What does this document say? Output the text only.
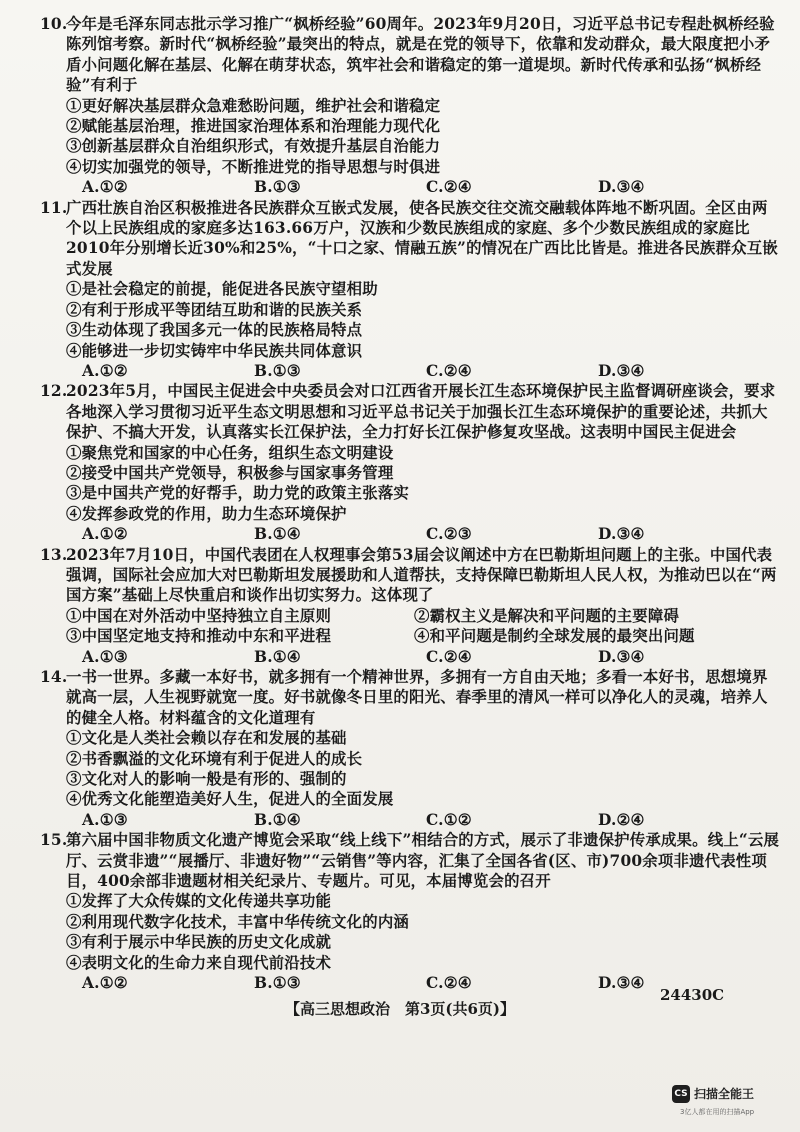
10.今年是毛泽东同志批示学习推广“枫桥经验”60周年。2023年9月20日，习近平总书记专程赴枫桥经验陈列馆考察。新时代“枫桥经验”最突出的特点，就是在党的领导下，依靠和发动群众，最大限度把小矛盾小问题化解在基层、化解在萌芽状态，筑牢社会和谐稳定的第一道堤坝。新时代传承和弘扬“枫桥经验”有利于

①更好解决基层群众急难愁盼问题，维护社会和谐稳定

②赋能基层治理，推进国家治理体系和治理能力现代化

③创新基层群众自治组织形式，有效提升基层自治能力

④切实加强党的领导，不断推进党的指导思想与时俱进

A.①②	B.①③	C.②④	D.③④

11.广西壮族自治区积极推进各民族群众互嵌式发展，使各民族交往交流交融载体阵地不断巩固。全区由两个以上民族组成的家庭多达163.66万户，汉族和少数民族组成的家庭、多个少数民族组成的家庭比2010年分别增长近30%和25%，“十口之家、情融五族”的情况在广西比比皆是。推进各民族群众互嵌式发展

①是社会稳定的前提，能促进各民族守望相助

②有利于形成平等团结互助和谐的民族关系

③生动体现了我国多元一体的民族格局特点

④能够进一步切实铸牢中华民族共同体意识

A.①②	B.①③	C.②④	D.③④

12.2023年5月，中国民主促进会中央委员会对口江西省开展长江生态环境保护民主监督调研座谈会，要求各地深入学习贯彻习近平生态文明思想和习近平总书记关于加强长江生态环境保护的重要论述，共抓大保护、不搞大开发，认真落实长江保护法，全力打好长江保护修复攻坚战。这表明中国民主促进会

①聚焦党和国家的中心任务，组织生态文明建设

②接受中国共产党领导，积极参与国家事务管理

③是中国共产党的好帮手，助力党的政策主张落实

④发挥参政党的作用，助力生态环境保护

A.①②	B.①④	C.②③	D.③④

13.2023年7月10日，中国代表团在人权理事会第53届会议阐述中方在巴勒斯坦问题上的主张。中国代表强调，国际社会应加大对巴勒斯坦发展援助和人道帮扶，支持保障巴勒斯坦人民人权，为推动巴以在“两国方案”基础上尽快重启和谈作出切实努力。这体现了

①中国在对外活动中坚持独立自主原则	②霸权主义是解决和平问题的主要障碍
③中国坚定地支持和推动中东和平进程	④和平问题是制约全球发展的最突出问题
A.①③	B.①④	C.②④	D.③④

14.一书一世界。多藏一本好书，就多拥有一个精神世界，多拥有一方自由天地；多看一本好书，思想境界就高一层，人生视野就宽一度。好书就像冬日里的阳光、春季里的清风一样可以净化人的灵魂，培养人的健全人格。材料蕴含的文化道理有

①文化是人类社会赖以存在和发展的基础

②书香飘溢的文化环境有利于促进人的成长

③文化对人的影响一般是有形的、强制的

④优秀文化能塑造美好人生，促进人的全面发展

A.①③	B.①④	C.①②	D.②④

15.第六届中国非物质文化遗产博览会采取“线上线下”相结合的方式，展示了非遗保护传承成果。线上“云展厅、云赏非遗”“展播厅、非遗好物”“云销售”等内容，汇集了全国各省(区、市)700余项非遗代表性项目，400余部非遗题材相关纪录片、专题片。可见，本届博览会的召开

①发挥了大众传媒的文化传递共享功能

②利用现代数字化技术，丰富中华传统文化的内涵

③有利于展示中华民族的历史文化成就

④表明文化的生命力来自现代前沿技术

A.①②	B.①③	C.②④	D.③④
【高三思想政治　第3页(共6页)】
24430C
CS 扫描全能王
3亿人都在用的扫描App
